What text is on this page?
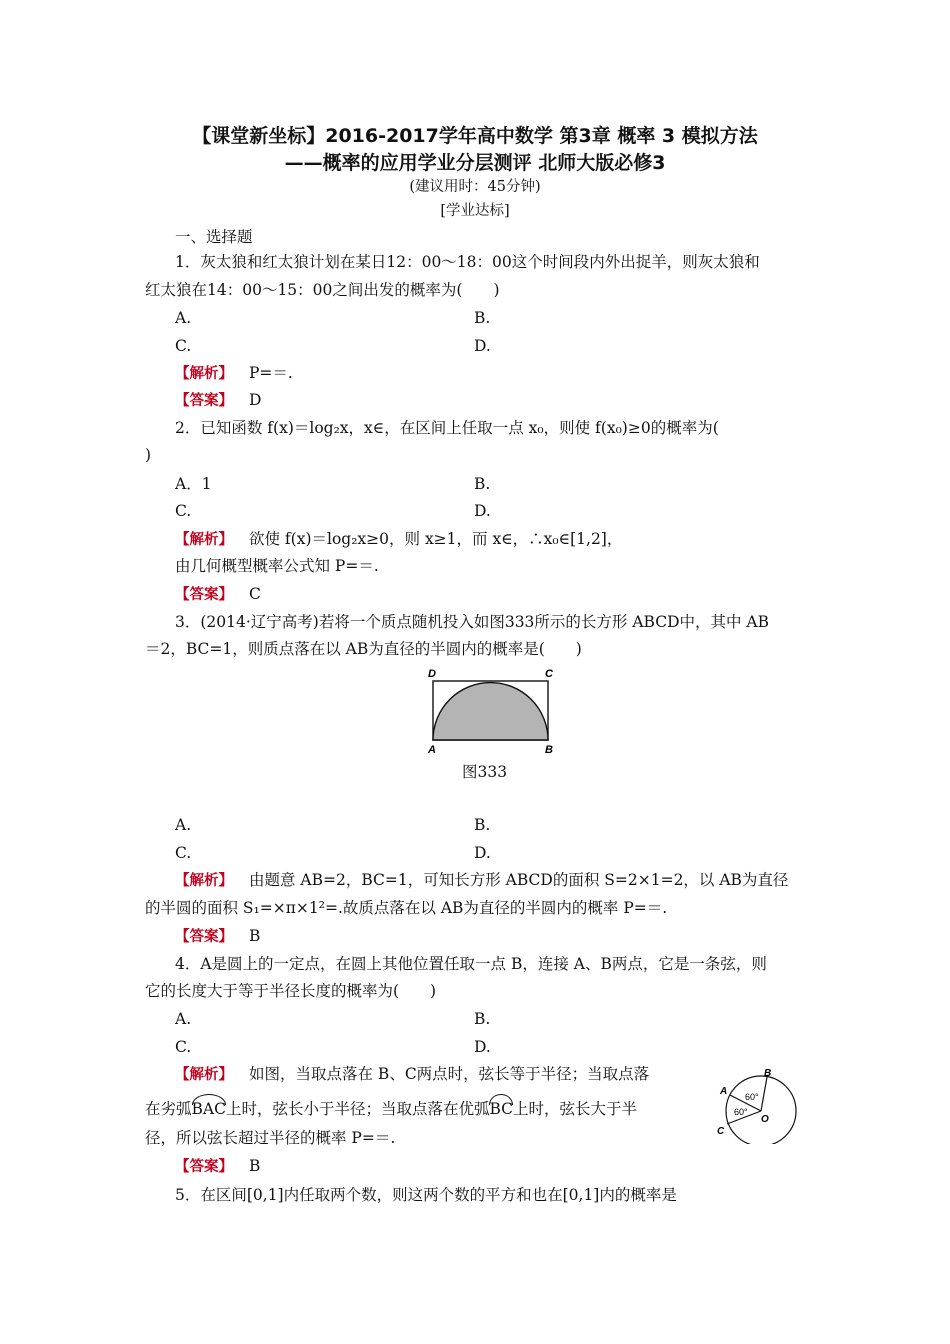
【课堂新坐标】2016-2017学年高中数学 第3章 概率 3 模拟方法
——概率的应用学业分层测评 北师大版必修3
(建议用时：45分钟)
[学业达标]
一、选择题
1．灰太狼和红太狼计划在某日12：00～18：00这个时间段内外出捉羊，则灰太狼和
红太狼在14：00～15：00之间出发的概率为(　　)
A.	B.
C.	D.
【解析】 P=＝.
【答案】 D
2．已知函数 f(x)＝log₂x，x∈，在区间上任取一点 x₀，则使 f(x₀)≥0的概率为(
)
A．1	B.
C.	D.
【解析】 欲使 f(x)＝log₂x≥0，则 x≥1，而 x∈，∴x₀∈[1,2]，
由几何概型概率公式知 P=＝.
【答案】 C
3．(2014·辽宁高考)若将一个质点随机投入如图333所示的长方形 ABCD中，其中 AB
＝2，BC=1，则质点落在以 AB为直径的半圆内的概率是(　　)
D	C
A	B
图333
A.	B.
C.	D.
【解析】 由题意 AB=2，BC=1，可知长方形 ABCD的面积 S=2×1=2，以 AB为直径
的半圆的面积 S₁=×π×1²=.故质点落在以 AB为直径的半圆内的概率 P=＝.
【答案】 B
4．A是圆上的一定点，在圆上其他位置任取一点 B，连接 A、B两点，它是一条弦，则
它的长度大于等于半径长度的概率为(　　)
A.	B.
C.	D.
【解析】 如图，当取点落在 B、C两点时，弦长等于半径；当取点落
在劣弧BAC上时，弦长小于半径；当取点落在优弧BC上时，弦长大于半
径，所以弦长超过半径的概率 P=＝.
B
A
C
O
60°
60°
【答案】 B
5．在区间[0,1]内任取两个数，则这两个数的平方和也在[0,1]内的概率是
